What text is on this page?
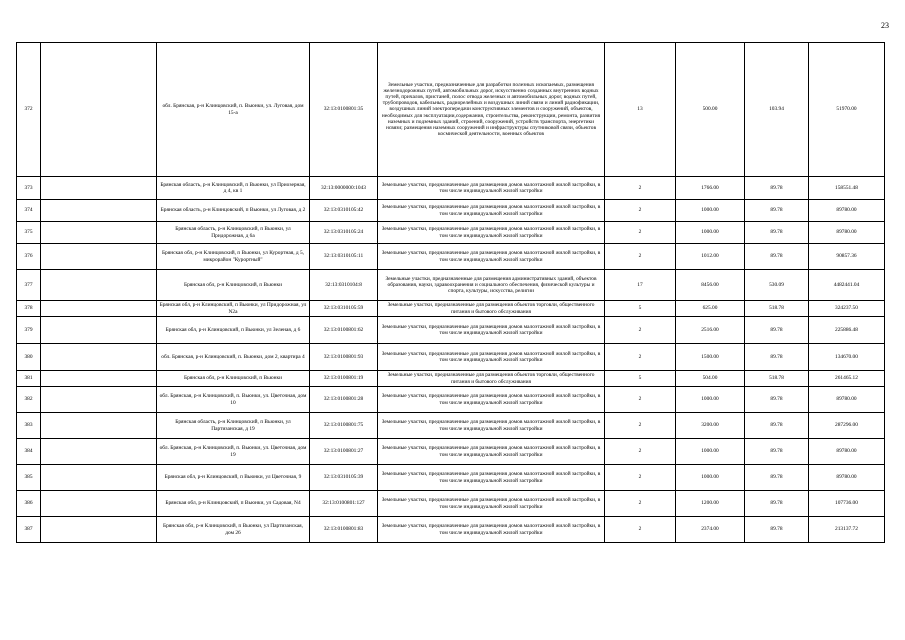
23
372		обл. Брянская, р-н Клинцовский, п. Вьюнки, ул. Луговая, дом 15-а	32:13:0100801:35	Земельные участки, предназначенные для разработки полезных ископаемых, размещения железнодорожных путей, автомобильных дорог, искусственно созданных внутренних водных путей, причалов, пристаней, полос отвода железных и автомобильных дорог, водных путей, трубопроводов, кабельных, радиорелейных и воздушных линий связи и линий радиофикации, воздушных линий электропередачи конструктивных элементов и сооружений, объектов, необходимых для эксплуатации,содержания, строительства, реконструкции, ремонта, развития наземных и подземных зданий, строений, сооружений, устройств транспорта, энергетики нсвязи; размещения наземных сооружений и инфраструктуры спутниковой связи, объектов космической деятельности, военных объектов	13	500.00	103.94	51970.00
373		Брянская область, р-н Клинцовский, п Вьюнки, ул Приозерная, д 4, кв 1	32:13:0000000:1043	Земельные участки, предназначенные для размещения домов малоэтажной жилой застройки, в том числе индивидуальной жилой застройки	2	1766.00	89.78	158551.48
374		Брянская область, р-н Клинцовский, п Вьюнки, ул Луговая, д 2	32:13:0310105:42	Земельные участки, предназначенные для размещения домов малоэтажной жилой застройки, в том числе индивидуальной жилой застройки	2	1000.00	89.78	89780.00
375		Брянская область, р-н Клинцовский, п Вьюнки, ул Придорожная, д 6а	32:13:0310105:24	Земельные участки, предназначенные для размещения домов малоэтажной жилой застройки, в том числе индивидуальной жилой застройки	2	1000.00	89.78	89780.00
376		Брянская обл, р-н Клинцовский, п Вьюнки, ул Курортная, д 5, микрорайон "Курортный"	32:13:0310105:11	Земельные участки, предназначенные для размещения домов малоэтажной жилой застройки, в том числе индивидуальной жилой застройки	2	1012.00	89.78	90857.36
377		Брянская обл, р-н Клинцовский, п Вьюнки	32:13:0310104:8	Земельные участки, предназначенные для размещения административных зданий, объектов образования, науки, здравоохранения и социального обеспечения, физической культуры и спорта, культуры, искусства, религии	17	8456.00	530.09	4482441.04
378		Брянская обл, р-н Клинцовский, п Вьюнки, ул Придорожная, ул N2а	32:13:0310105:59	Земельные участки, предназначенные для размещения объектов торговли, общественного питания и бытового обслуживания	5	625.00	518.78	324237.50
379		Брянская обл, р-н Клинцовский, п Вьюнки, ул Зеленая, д 6	32:13:0100801:62	Земельные участки, предназначенные для размещения домов малоэтажной жилой застройки, в том числе индивидуальной жилой застройки	2	2516.00	89.78	225886.48
380		обл. Брянская, р-н Клинцовский, п. Вьюнки, дом 2, квартира 4	32:13:0100801:93	Земельные участки, предназначенные для размещения домов малоэтажной жилой застройки, в том числе индивидуальной жилой застройки	2	1500.00	89.78	134670.00
381		Брянская обл, р-н Клинцовский, п Вьюнки	32:13:0100801:19	Земельные участки, предназначенные для размещения объектов торговли, общественного питания и бытового обслуживания	5	504.00	518.78	261465.12
382		обл. Брянская, р-н Клинцовский, п. Вьюнки, ул. Цветочная, дом 10	32:13:0100801:28	Земельные участки, предназначенные для размещения домов малоэтажной жилой застройки, в том числе индивидуальной жилой застройки	2	1000.00	89.78	89780.00
383		Брянская область, р-н Клинцовский, п Вьюнки, ул Партизанская, д 19	32:13:0100801:75	Земельные участки, предназначенные для размещения домов малоэтажной жилой застройки, в том числе индивидуальной жилой застройки	2	3200.00	89.78	287296.00
384		обл. Брянская, р-н Клинцовский, п. Вьюнки, ул. Цветочная, дом 19	32:13:0100801:27	Земельные участки, предназначенные для размещения домов малоэтажной жилой застройки, в том числе индивидуальной жилой застройки	2	1000.00	89.78	89780.00
385		Брянская обл, р-н Клинцовский, п Вьюнки, ул Цветочная, 9	32:13:0310105:39	Земельные участки, предназначенные для размещения домов малоэтажной жилой застройки, в том числе индивидуальной жилой застройки	2	1000.00	89.78	89780.00
386		Брянская обл, р-н Клинцовский, п Вьюнки, ул Садовая, N4	32:13:0100801:127	Земельные участки, предназначенные для размещения домов малоэтажной жилой застройки, в том числе индивидуальной жилой застройки	2	1200.00	89.78	107736.00
387		Брянская обл, р-н Клинцовский, п Вьюнки, ул Партизанская, дом 26	32:13:0100801:83	Земельные участки, предназначенные для размещения домов малоэтажной жилой застройки, в том числе индивидуальной жилой застройки	2	2374.00	89.78	213137.72
